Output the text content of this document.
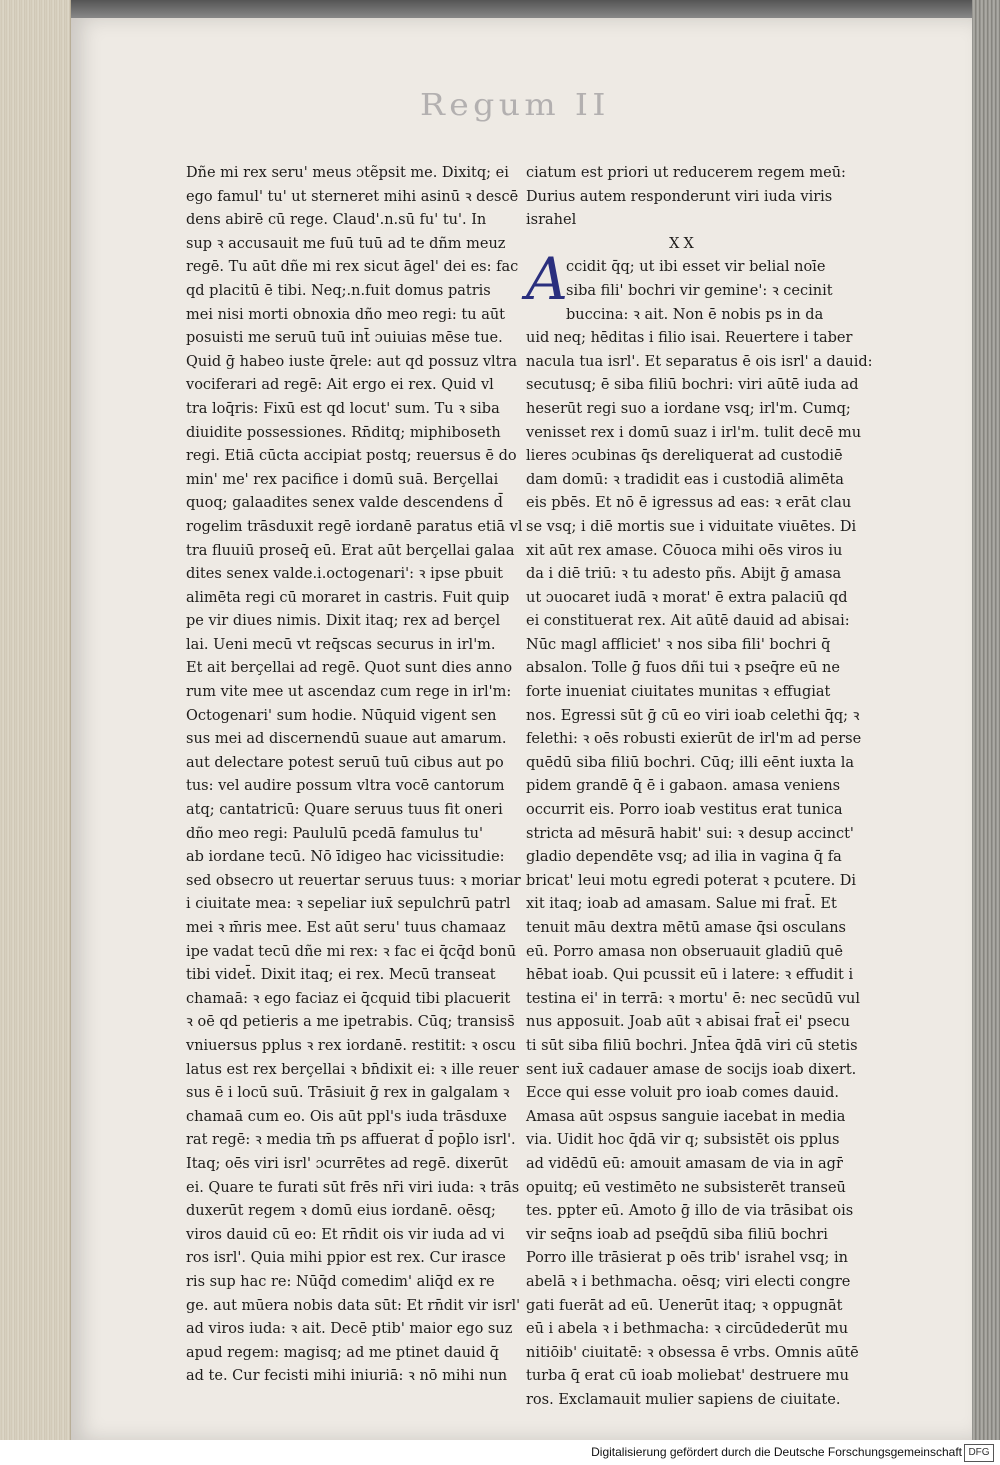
Regum II
Dñe mi rex seru' meus ɔtẽpsit me. Dixitq; ei
ego famul' tu' ut sterneret mihi asinū ꝛ descē
dens abirē cū rege. Claud'.n.sū fu' tu'. In
sup ꝛ accusauit me fuū tuū ad te dñm meuz
regē. Tu aūt dñe mi rex sicut āgel' dei es: fac
qd placitū ē tibi. Neq;.n.fuit domus patris
mei nisi morti obnoxia dño meo regi: tu aūt
posuisti me seruū tuū int̄ ɔuiuias mēse tue.
Quid ḡ habeo iuste q̄rele: aut qd possuz vltra
vociferari ad regē: Ait ergo ei rex. Quid vl
tra loq̄ris: Fixū est qd locut' sum. Tu ꝛ siba
diuidite possessiones. Rn̄ditq; miphiboseth
regi. Etiā cūcta accipiat postq; reuersus ē do
min' me' rex pacifice i domū suā. Berçellai
quoq; galaadites senex valde descendens d̄
rogelim trāsduxit regē iordanē paratus etiā vl
tra fluuiū proseq̄ eū. Erat aūt berçellai galaa
dites senex valde.i.octogenari': ꝛ ipse pbuit
alimēta regi cū moraret in castris. Fuit quip
pe vir diues nimis. Dixit itaq; rex ad berçel
lai. Ueni mecū vt req̄scas securus in irl'm.
Et ait berçellai ad regē. Quot sunt dies anno
rum vite mee ut ascendaz cum rege in irl'm:
Octogenari' sum hodie. Nūquid vigent sen
sus mei ad discernendū suaue aut amarum.
aut delectare potest seruū tuū cibus aut po
tus: vel audire possum vltra vocē cantorum
atq; cantatricū: Quare seruus tuus fit oneri
dño meo regi: Paululū pcedā famulus tu'
ab iordane tecū. Nō īdigeo hac vicissitudie:
sed obsecro ut reuertar seruus tuus: ꝛ moriar
i ciuitate mea: ꝛ sepeliar iux̄ sepulchrū patrl
mei ꝛ m̄ris mee. Est aūt seru' tuus chamaaz
ipe vadat tecū dñe mi rex: ꝛ fac ei q̄cq̄d bonū
tibi videt̄. Dixit itaq; ei rex. Mecū transeat
chamaā: ꝛ ego faciaz ei q̄cquid tibi placuerit
ꝛ oē qd petieris a me ipetrabis. Cūq; transiss̄
vniuersus pplus ꝛ rex iordanē. restitit: ꝛ oscu
latus est rex berçellai ꝛ bn̄dixit ei: ꝛ ille reuer
sus ē i locū suū. Trāsiuit ḡ rex in galgalam ꝛ
chamaā cum eo. Ois aūt ppl's iuda trāsduxe
rat regē: ꝛ media tm̄ ps affuerat d̄ pop̄lo isrl'.
Itaq; oēs viri isrl' ɔcurrētes ad regē. dixerūt
ei. Quare te furati sūt frēs nr̄i viri iuda: ꝛ trās
duxerūt regem ꝛ domū eius iordanē. oēsq;
viros dauid cū eo: Et rn̄dit ois vir iuda ad vi
ros isrl'. Quia mihi ppior est rex. Cur irasce
ris sup hac re: Nūq̄d comedim' aliq̄d ex re
ge. aut mūera nobis data sūt: Et rn̄dit vir isrl'
ad viros iuda: ꝛ ait. Decē ptib' maior ego suz
apud regem: magisq; ad me ptinet dauid q̄
ad te. Cur fecisti mihi iniuriā: ꝛ nō mihi nun
ciatum est priori ut reducerem regem meū:
Durius autem responderunt viri iuda viris
israhel
XX
A
ccidit q̄q; ut ibi esset vir belial noīe
siba fili' bochri vir gemine': ꝛ cecinit
buccina: ꝛ ait. Non ē nobis ps in da
uid neq; hēditas i filio isai. Reuertere i taber
nacula tua isrl'. Et separatus ē ois isrl' a dauid:
secutusq; ē siba filiū bochri: viri aūtē iuda ad
heserūt regi suo a iordane vsq; irl'm. Cumq;
venisset rex i domū suaz i irl'm. tulit decē mu
lieres ɔcubinas q̄s dereliquerat ad custodiē
dam domū: ꝛ tradidit eas i custodiā alimēta
eis pbēs. Et nō ē igressus ad eas: ꝛ erāt clau
se vsq; i diē mortis sue i viduitate viuētes. Di
xit aūt rex amase. Cōuoca mihi oēs viros iu
da i diē triū: ꝛ tu adesto pñs. Abijt ḡ amasa
ut ɔuocaret iudā ꝛ morat' ē extra palaciū qd
ei constituerat rex. Ait aūtē dauid ad abisai:
Nūc magl affliciet' ꝛ nos siba fili' bochri q̄
absalon. Tolle ḡ fuos dñi tui ꝛ pseq̄re eū ne
forte inueniat ciuitates munitas ꝛ effugiat
nos. Egressi sūt ḡ cū eo viri ioab celethi q̄q; ꝛ
felethi: ꝛ oēs robusti exierūt de irl'm ad perse
quēdū siba filiū bochri. Cūq; illi eēnt iuxta la
pidem grandē q̄ ē i gabaon. amasa veniens
occurrit eis. Porro ioab vestitus erat tunica
stricta ad mēsurā habit' sui: ꝛ desup accinct'
gladio dependēte vsq; ad ilia in vagina q̄ fa
bricat' leui motu egredi poterat ꝛ pcutere. Di
xit itaq; ioab ad amasam. Salue mi frat̄. Et
tenuit māu dextra mētū amase q̄si osculans
eū. Porro amasa non obseruauit gladiū quē
hēbat ioab. Qui pcussit eū i latere: ꝛ effudit i
testina ei' in terrā: ꝛ mortu' ē: nec secūdū vul
nus apposuit. Joab aūt ꝛ abisai frat̄ ei' psecu
ti sūt siba filiū bochri. Jnt̄ea q̄dā viri cū stetis
sent iux̄ cadauer amase de socijs ioab dixert.
Ecce qui esse voluit pro ioab comes dauid.
Amasa aūt ɔspsus sanguie iacebat in media
via. Uidit hoc q̄dā vir q; subsistēt ois pplus
ad vidēdū eū: amouit amasam de via in agr̄
opuitq; eū vestimēto ne subsisterēt transeū
tes. ppter eū. Amoto ḡ illo de via trāsibat ois
vir seq̄ns ioab ad pseq̄dū siba filiū bochri
Porro ille trāsierat p oēs trib' israhel vsq; in
abelā ꝛ i bethmacha. oēsq; viri electi congre
gati fuerāt ad eū. Uenerūt itaq; ꝛ oppugnāt
eū i abela ꝛ i bethmacha: ꝛ circūdederūt mu
nitiōib' ciuitatē: ꝛ obsessa ē vrbs. Omnis aūtē
turba q̄ erat cū ioab moliebat' destruere mu
ros. Exclamauit mulier sapiens de ciuitate.
Digitalisierung gefördert durch die Deutsche Forschungsgemeinschaft DFG
